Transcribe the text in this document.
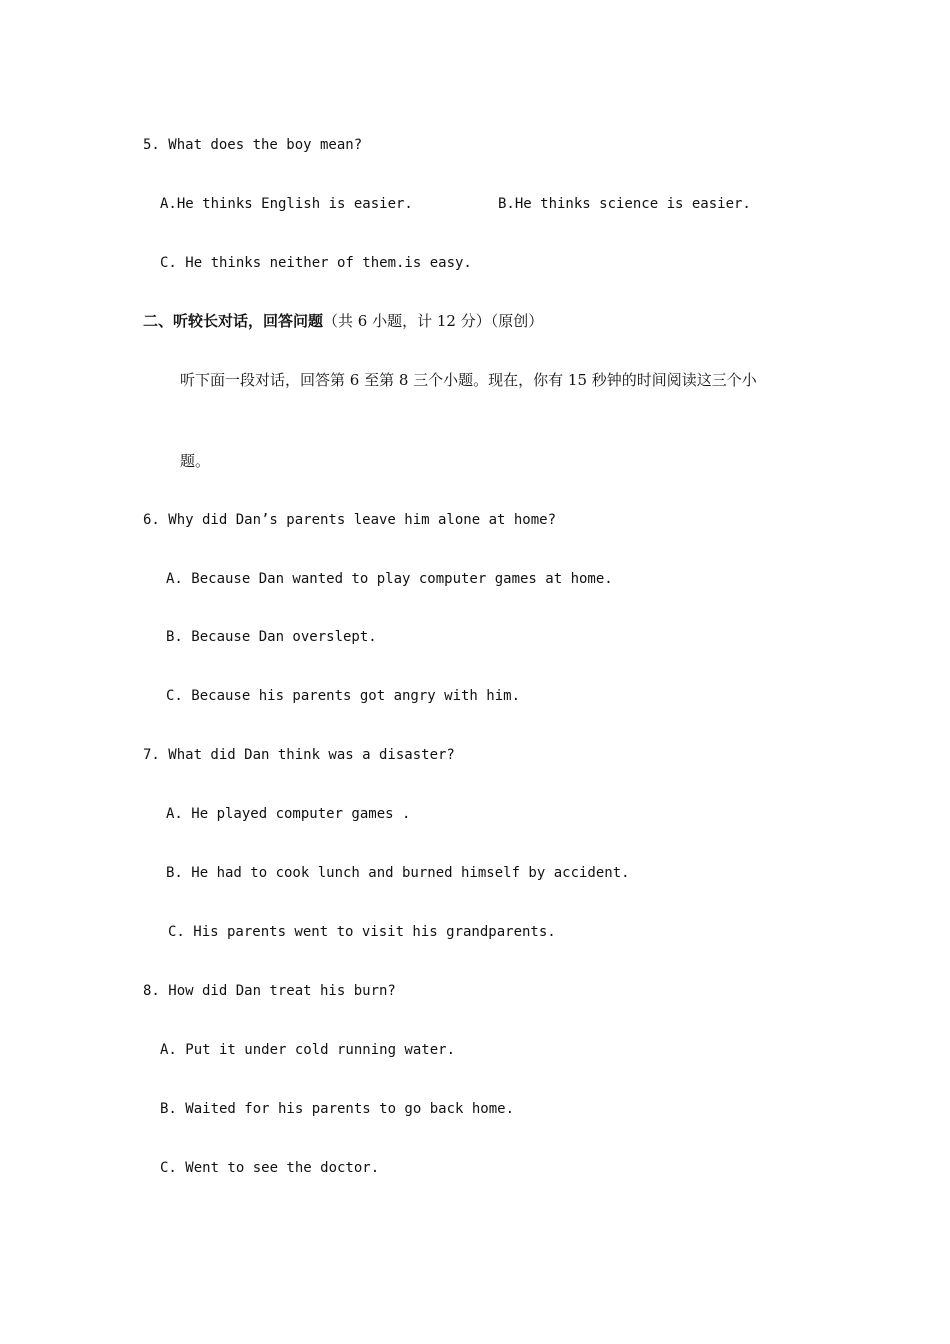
5. What does the boy mean?

A.He thinks English is easier.	B.He thinks science is easier.

C. He thinks neither of them.is easy.

二、听较长对话，回答问题（共 6 小题，计 12 分）（原创）

听下面一段对话，回答第 6 至第 8 三个小题。现在，你有 15 秒钟的时间阅读这三个小

题。

6. Why did Dan’s parents leave him alone at home?

A. Because Dan wanted to play computer games at home.

B. Because Dan overslept.

C. Because his parents got angry with him.

7. What did Dan think was a disaster?

A. He played computer games .

B. He had to cook lunch and burned himself by accident.

C. His parents went to visit his grandparents.

8. How did Dan treat his burn?

A. Put it under cold running water.

B. Waited for his parents to go back home.

C. Went to see the doctor.
